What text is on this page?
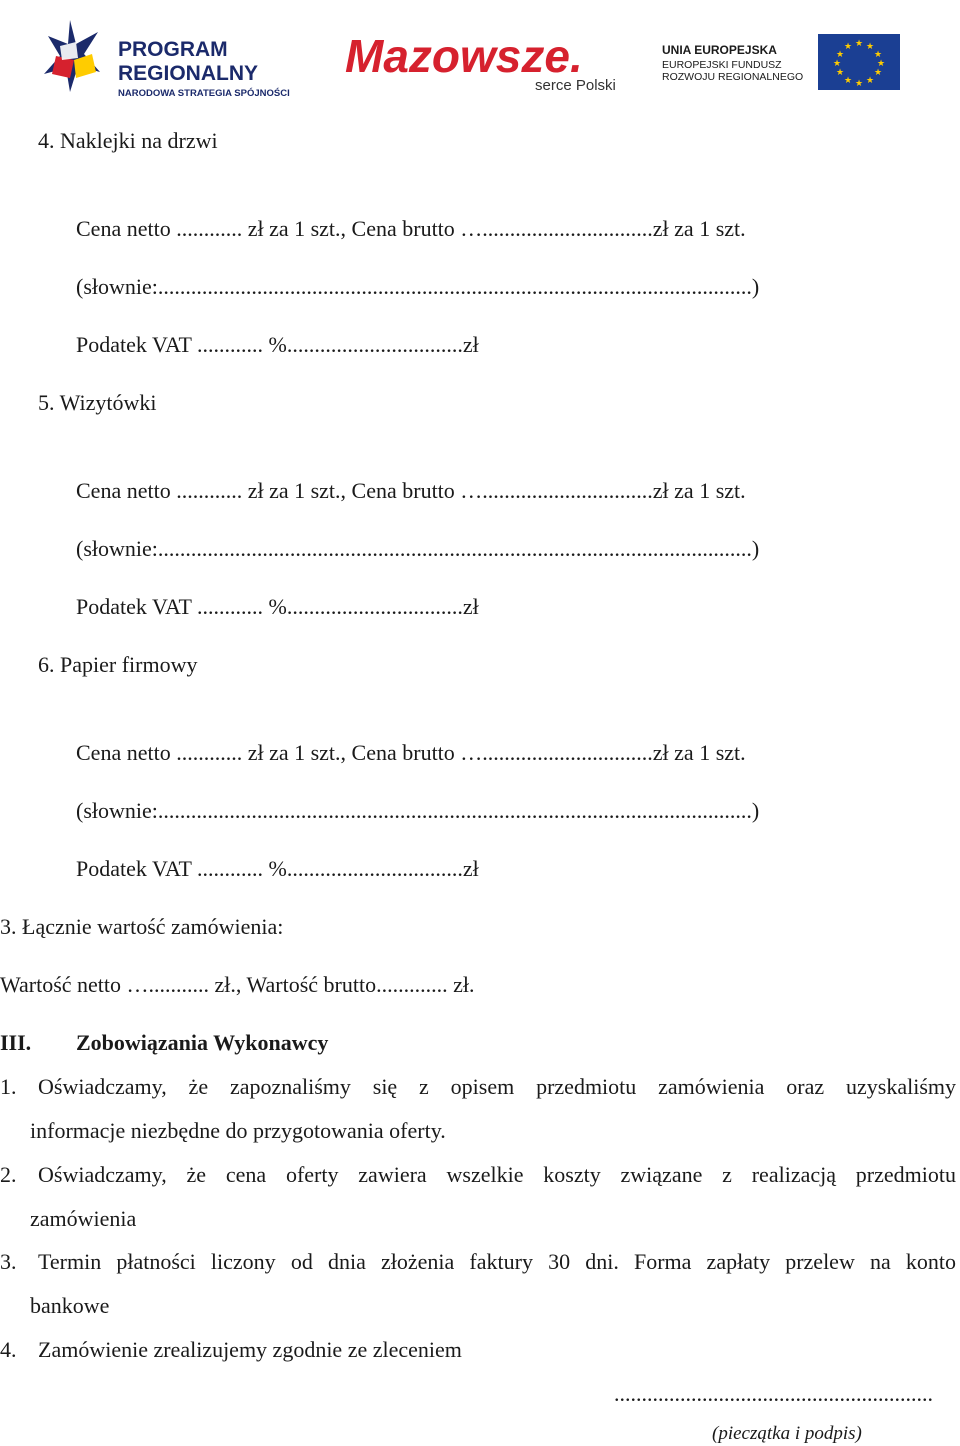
PROGRAM
REGIONALNY
NARODOWA STRATEGIA SPÓJNOŚCI
Mazowsze.
serce Polski
UNIA EUROPEJSKA
EUROPEJSKI FUNDUSZ
ROZWOJU REGIONALNEGO
★ ★
★
★
★
★
★
★
★
★
★
★
4. Naklejki na drzwi
Cena netto ............ zł za 1 szt., Cena brutto …...............................zł za 1 szt.
(słownie:............................................................................................................)
Podatek VAT ............ %................................zł
5. Wizytówki
Cena netto ............ zł za 1 szt., Cena brutto …...............................zł za 1 szt.
(słownie:............................................................................................................)
Podatek VAT ............ %................................zł
6. Papier firmowy
Cena netto ............ zł za 1 szt., Cena brutto …...............................zł za 1 szt.
(słownie:............................................................................................................)
Podatek VAT ............ %................................zł
3. Łącznie wartość zamówienia:
Wartość netto …........... zł., Wartość brutto............. zł.
III. Zobowiązania Wykonawcy
1. Oświadczamy, że zapoznaliśmy się z opisem przedmiotu zamówienia oraz uzyskaliśmy
informacje niezbędne do przygotowania oferty.
2. Oświadczamy, że cena oferty zawiera wszelkie koszty związane z realizacją przedmiotu
zamówienia
3. Termin płatności liczony od dnia złożenia faktury 30 dni. Forma zapłaty przelew na konto
bankowe
4. Zamówienie zrealizujemy zgodnie ze zleceniem
..........................................................
(pieczątka i podpis)
